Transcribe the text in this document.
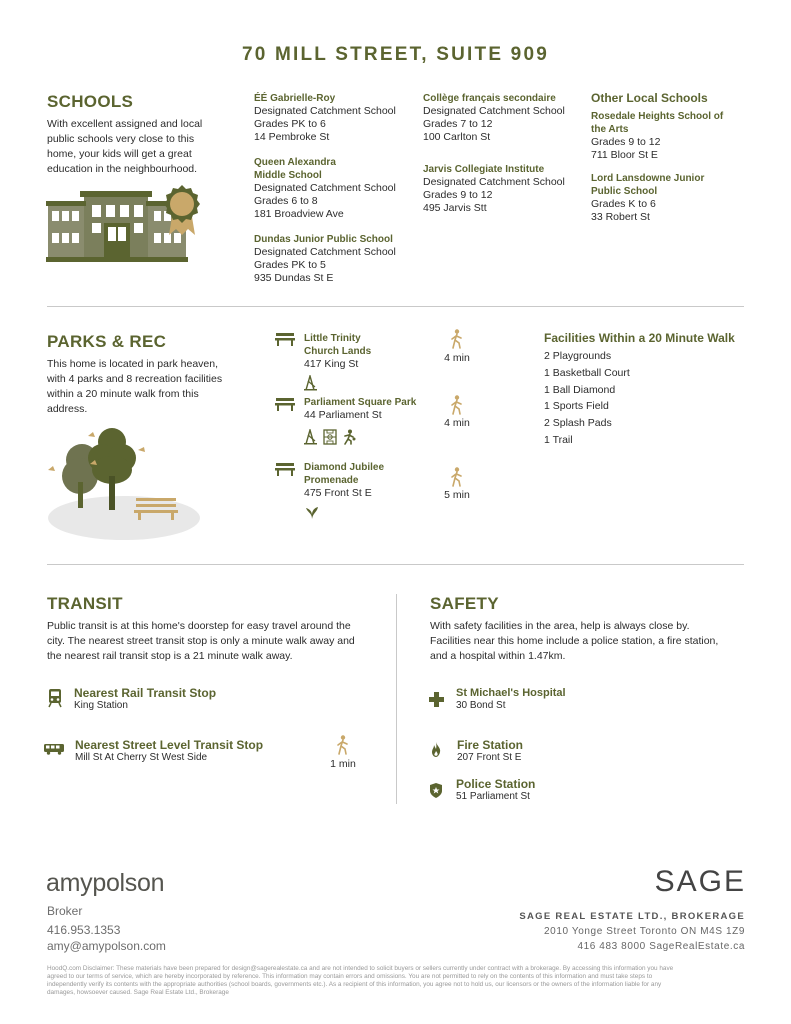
70 MILL STREET, SUITE 909
SCHOOLS
With excellent assigned and local public schools very close to this home, your kids will get a great education in the neighbourhood.
ÉÉ Gabrielle-Roy
Designated Catchment School
Grades PK to 6
14 Pembroke St
Queen Alexandra
Middle School
Designated Catchment School
Grades 6 to 8
181 Broadview Ave
Dundas Junior Public School
Designated Catchment School
Grades PK to 5
935 Dundas St E
Collège français secondaire
Designated Catchment School
Grades 7 to 12
100 Carlton St
Jarvis Collegiate Institute
Designated Catchment School
Grades 9 to 12
495 Jarvis Stt
Other Local Schools
Rosedale Heights School of
the Arts
Grades 9 to 12
711 Bloor St E
Lord Lansdowne Junior
Public School
Grades K to 6
33 Robert St
PARKS & REC
This home is located in park heaven, with 4 parks and 8 recreation facilities within a 20 minute walk from this address.
Little Trinity
Church Lands
417 King St	4 min
Parliament Square Park
44 Parliament St
4 min
Diamond Jubilee
Promenade
475 Front St E	5 min
Facilities Within a 20 Minute Walk
2 Playgrounds
1 Basketball Court
1 Ball Diamond
1 Sports Field
2 Splash Pads
1 Trail
TRANSIT
Public transit is at this home's doorstep for easy travel around the city. The nearest street transit stop is only a minute walk away and the nearest rail transit stop is a 21 minute walk away.
Nearest Rail Transit Stop
King Station
Nearest Street Level Transit Stop
Mill St At Cherry St West Side
1 min
SAFETY
With safety facilities in the area, help is always close by. Facilities near this home include a police station, a fire station, and a hospital within 1.47km.
St Michael's Hospital
30 Bond St
Fire Station
207 Front St E
Police Station
51 Parliament St
amypolson
Broker
416.953.1353
amy@amypolson.com
SAGE
SAGE REAL ESTATE LTD., BROKERAGE
2010 Yonge Street Toronto ON M4S 1Z9
416 483 8000 SageRealEstate.ca
HoodQ.com Disclaimer: These materials have been prepared for design@sagerealestate.ca and are not intended to solicit buyers or sellers currently under contract with a brokerage. By accessing this information you have
agreed to our terms of service, which are hereby incorporated by reference. This information may contain errors and omissions. You are not permitted to rely on the contents of this information and must take steps to
independently verify its contents with the appropriate authorities (school boards, governments etc.). As a recipient of this information, you agree not to hold us, our licensors or the owners of the information liable for any
damages, howsoever caused. Sage Real Estate Ltd., Brokerage
